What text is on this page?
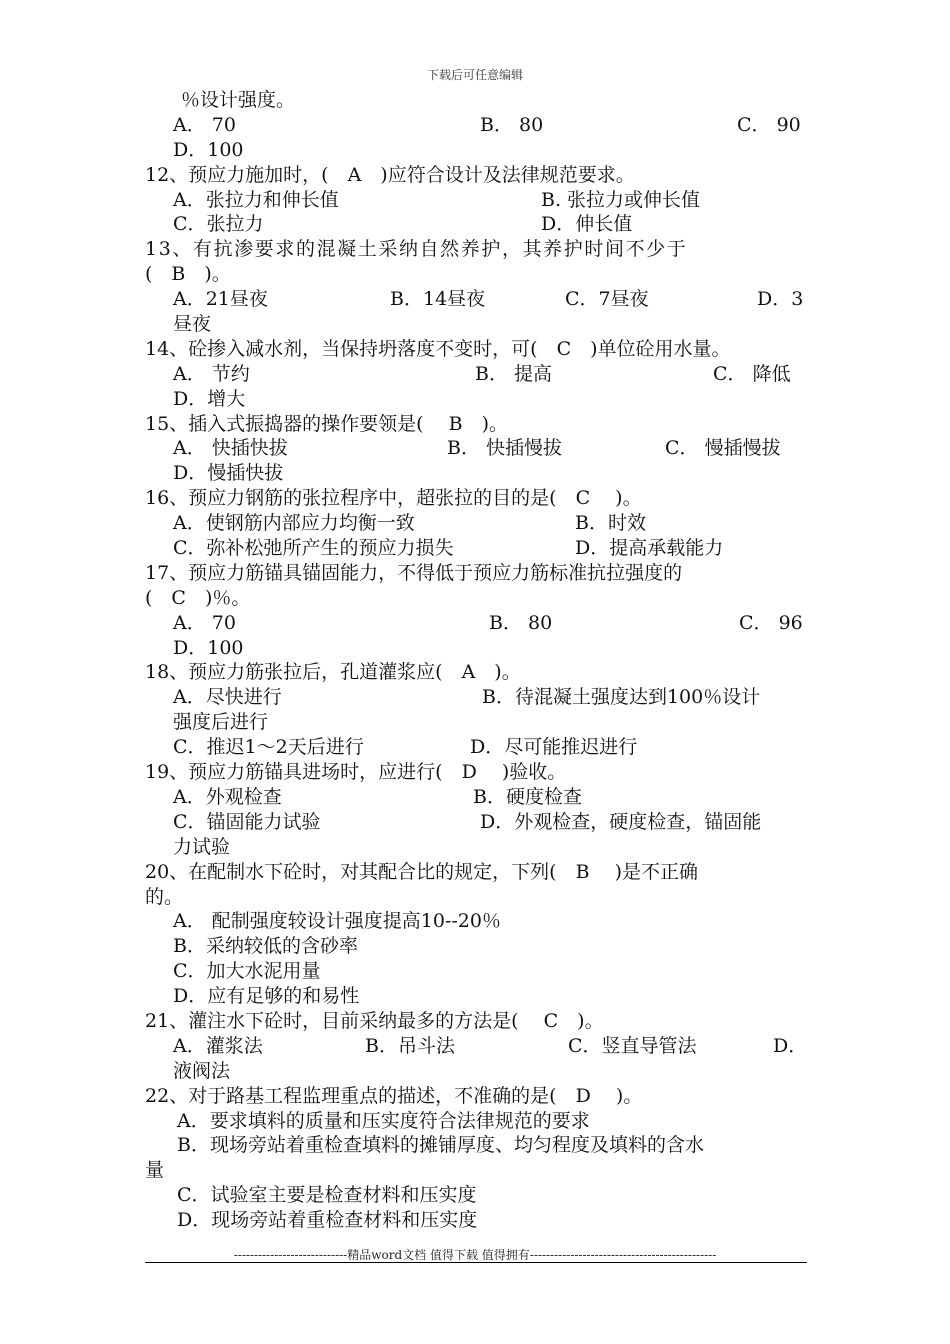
下载后可任意编辑
％设计强度。
A． 70	B． 80	C． 90
D．100
12、预应力施加时，(　A　)应符合设计及法律规范要求。
A．张拉力和伸长值	B. 张拉力或伸长值
C．张拉力	D．伸长值
13、有抗渗要求的混凝土采纳自然养护，其养护时间不少于
(　B　)。
A．21昼夜	B．14昼夜	C．7昼夜	D．3
昼夜
14、砼掺入减水剂，当保持坍落度不变时，可(　C　)单位砼用水量。
A． 节约	B． 提高	C． 降低
D．增大
15、插入式振捣器的操作要领是(　 B　)。
A． 快插快拔	B． 快插慢拔	C． 慢插慢拔
D．慢插快拔
16、预应力钢筋的张拉程序中，超张拉的目的是(　C　 )。
A．使钢筋内部应力均衡一致	B．时效
C．弥补松弛所产生的预应力损失	D．提高承载能力
17、预应力筋锚具锚固能力，不得低于预应力筋标准抗拉强度的
(　C　)％。
A． 70	B． 80	C． 96
D．100
18、预应力筋张拉后，孔道灌浆应(　A　)。
A．尽快进行	B．待混凝土强度达到100％设计
强度后进行
C．推迟1～2天后进行	D．尽可能推迟进行
19、预应力筋锚具进场时，应进行(　D　 )验收。
A．外观检查	B．硬度检查
C．锚固能力试验	D．外观检查，硬度检查，锚固能
力试验
20、在配制水下砼时，对其配合比的规定，下列(　B　 )是不正确
的。
A． 配制强度较设计强度提高10--20％
B．采纳较低的含砂率
C．加大水泥用量
D．应有足够的和易性
21、灌注水下砼时，目前采纳最多的方法是(　 C　)。
A．灌浆法	B．吊斗法	C．竖直导管法	D．
液阀法
22、对于路基工程监理重点的描述，不准确的是(　D　 )。
A．要求填料的质量和压实度符合法律规范的要求
B．现场旁站着重检查填料的摊铺厚度、均匀程度及填料的含水
量
C．试验室主要是检查材料和压实度
D．现场旁站着重检查材料和压实度
----------------------------精品word文档 值得下载 值得拥有----------------------------------------------
